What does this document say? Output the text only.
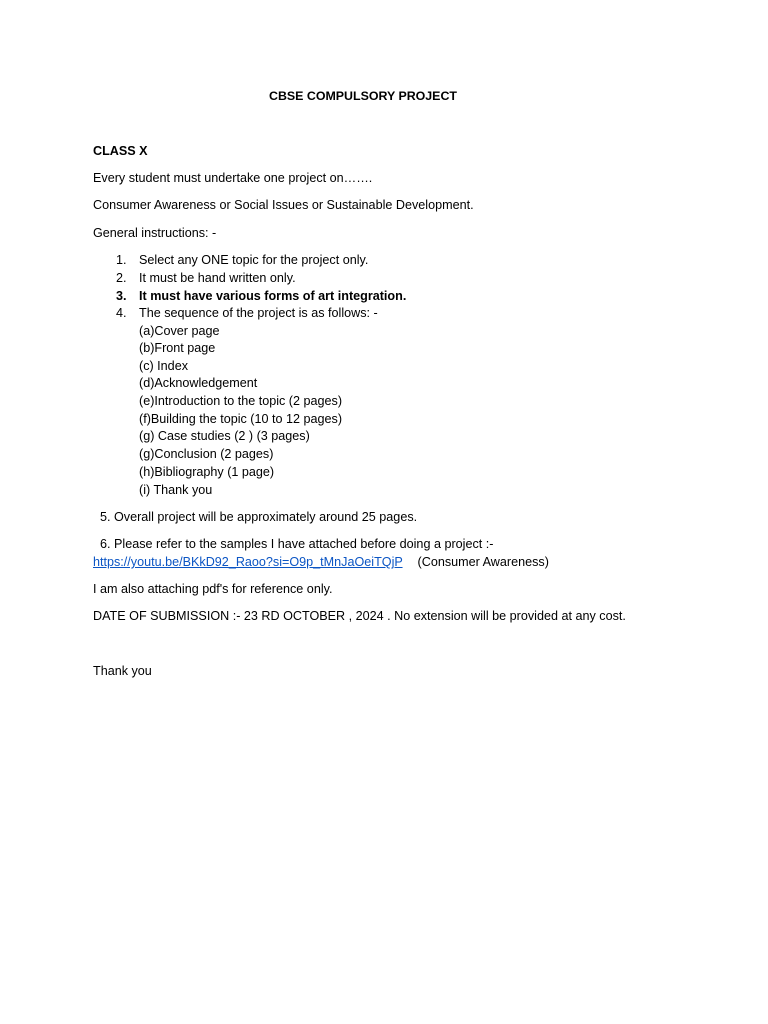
CBSE COMPULSORY PROJECT
CLASS X
Every student must undertake one project on…….
Consumer Awareness or Social Issues or Sustainable Development.
General instructions: -
1. Select any ONE topic for the project only.
2. It must be hand written only.
3. It must have various forms of art integration.
4. The sequence of the project is as follows: -
(a)Cover page
(b)Front page
(c) Index
(d)Acknowledgement
(e)Introduction to the topic (2 pages)
(f)Building the topic (10 to 12 pages)
(g) Case studies (2 ) (3 pages)
(g)Conclusion (2 pages)
(h)Bibliography (1 page)
(i) Thank you
5. Overall project will be approximately around 25 pages.
6. Please refer to the samples I have attached before doing a project :-
https://youtu.be/BKkD92_Raoo?si=O9p_tMnJaOeiTQjP (Consumer Awareness)
I am also attaching pdf's for reference only.
DATE OF SUBMISSION :- 23 RD OCTOBER , 2024 . No extension will be provided at any cost.
Thank you
